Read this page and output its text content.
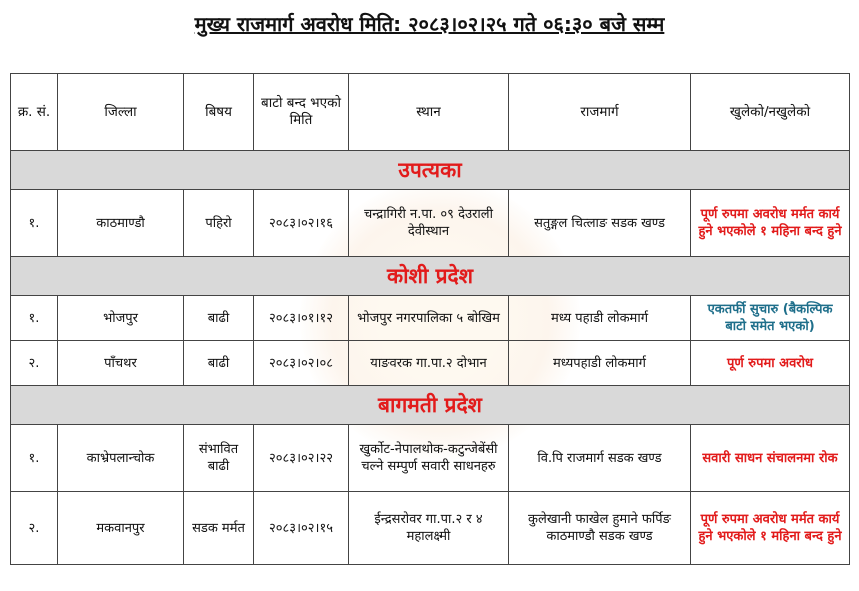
मुख्य राजमार्ग अवरोध मिति: २०८३।०२।२५ गते ०६:३० बजे सम्म
क्र. सं.	जिल्ला	बिषय	बाटो बन्द भएको मिति	स्थान	राजमार्ग	खुलेको/नखुलेको
उपत्यका						
१.	काठमाण्डौ	पहिरो	२०८३।०२।१६	चन्द्रागिरी न.पा. ०९ देउराली देवीस्थान	सतुङ्गल चित्लाङ सडक खण्ड	पूर्ण रुपमा अवरोध मर्मत कार्य हुने भएकोले १ महिना बन्द हुने
कोशी प्रदेश						
१.	भोजपुर	बाढी	२०८३।०१।१२	भोजपुर नगरपालिका ५ बोखिम	मध्य पहाडी लोकमार्ग	एकतर्फी सुचारु (बैकल्पिक बाटो समेत भएको)
२.	पाँचथर	बाढी	२०८३।०२।०८	याङवरक गा.पा.२ दोभान	मध्यपहाडी लोकमार्ग	पूर्ण रुपमा अवरोध
बागमती प्रदेश						
१.	काभ्रेपलान्चोक	संभावित बाढी	२०८३।०२।२२	खुर्कोट-नेपालथोक-कटुन्जेबेंसी चल्ने सम्पुर्ण सवारी साधनहरु	वि.पि राजमार्ग सडक खण्ड	सवारी साधन संचालनमा रोक
२.	मकवानपुर	सडक मर्मत	२०८३।०२।१५	ईन्द्रसरोवर गा.पा.२ र ४ महालक्ष्मी	कुलेखानी फाखेल हुमाने फर्पिङ काठमाण्डौ सडक खण्ड	पूर्ण रुपमा अवरोध मर्मत कार्य हुने भएकोले १ महिना बन्द हुने
